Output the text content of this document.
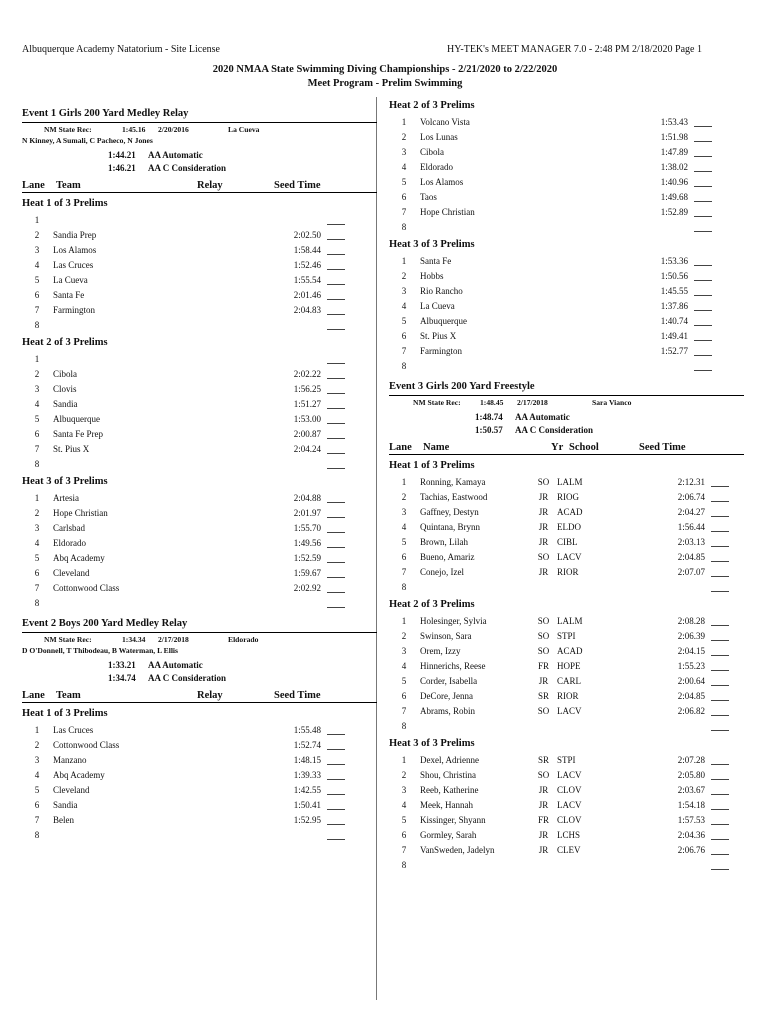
Albuquerque Academy Natatorium - Site License	HY-TEK's MEET MANAGER 7.0 - 2:48 PM 2/18/2020 Page 1
2020 NMAA State Swimming Diving Championships - 2/21/2020 to 2/22/2020
Meet Program - Prelim Swimming
Event 1 Girls 200 Yard Medley Relay
NM State Rec:	1:45.16	2/20/2016	La Cueva
N Kinney, A Sumali, C Pacheco, N Jones
1:44.21 AA Automatic
1:46.21 AA C Consideration
Lane	Team	Relay	Seed Time
Heat 1 of 3 Prelims
1
2	Sandia Prep	2:02.50
3	Los Alamos	1:58.44
4	Las Cruces	1:52.46
5	La Cueva	1:55.54
6	Santa Fe	2:01.46
7	Farmington	2:04.83
8
Heat 2 of 3 Prelims
1
2	Cibola	2:02.22
3	Clovis	1:56.25
4	Sandia	1:51.27
5	Albuquerque	1:53.00
6	Santa Fe Prep	2:00.87
7	St. Pius X	2:04.24
8
Heat 3 of 3 Prelims
1	Artesia	2:04.88
2	Hope Christian	2:01.97
3	Carlsbad	1:55.70
4	Eldorado	1:49.56
5	Abq Academy	1:52.59
6	Cleveland	1:59.67
7	Cottonwood Class	2:02.92
8
Event 2 Boys 200 Yard Medley Relay
NM State Rec:	1:34.34	2/17/2018	Eldorado
D O'Donnell, T Thibodeau, B Waterman, L Ellis
1:33.21 AA Automatic
1:34.74 AA C Consideration
Lane	Team	Relay	Seed Time
Heat 1 of 3 Prelims
1	Las Cruces	1:55.48
2	Cottonwood Class	1:52.74
3	Manzano	1:48.15
4	Abq Academy	1:39.33
5	Cleveland	1:42.55
6	Sandia	1:50.41
7	Belen	1:52.95
8
Heat 2 of 3 Prelims
1	Volcano Vista	1:53.43
2	Los Lunas	1:51.98
3	Cibola	1:47.89
4	Eldorado	1:38.02
5	Los Alamos	1:40.96
6	Taos	1:49.68
7	Hope Christian	1:52.89
8
Heat 3 of 3 Prelims
1	Santa Fe	1:53.36
2	Hobbs	1:50.56
3	Rio Rancho	1:45.55
4	La Cueva	1:37.86
5	Albuquerque	1:40.74
6	St. Pius X	1:49.41
7	Farmington	1:52.77
8
Event 3 Girls 200 Yard Freestyle
NM State Rec:	1:48.45	2/17/2018	Sara Vianco
1:48.74 AA Automatic
1:50.57 AA C Consideration
Lane	Name	Yr School	Seed Time
Heat 1 of 3 Prelims
1	Ronning, Kamaya	SO LALM	2:12.31
2	Tachias, Eastwood	JR RIOG	2:06.74
3	Gaffney, Destyn	JR ACAD	2:04.27
4	Quintana, Brynn	JR ELDO	1:56.44
5	Brown, Lilah	JR CIBL	2:03.13
6	Bueno, Amariz	SO LACV	2:04.85
7	Conejo, Izel	JR RIOR	2:07.07
8
Heat 2 of 3 Prelims
1	Holesinger, Sylvia	SO LALM	2:08.28
2	Swinson, Sara	SO STPI	2:06.39
3	Orem, Izzy	SO ACAD	2:04.15
4	Hinnerichs, Reese	FR HOPE	1:55.23
5	Corder, Isabella	JR CARL	2:00.64
6	DeCore, Jenna	SR RIOR	2:04.85
7	Abrams, Robin	SO LACV	2:06.82
8
Heat 3 of 3 Prelims
1	Dexel, Adrienne	SR STPI	2:07.28
2	Shou, Christina	SO LACV	2:05.80
3	Reeb, Katherine	JR CLOV	2:03.67
4	Meek, Hannah	JR LACV	1:54.18
5	Kissinger, Shyann	FR CLOV	1:57.53
6	Gormley, Sarah	JR LCHS	2:04.36
7	VanSweden, Jadelyn	JR CLEV	2:06.76
8
